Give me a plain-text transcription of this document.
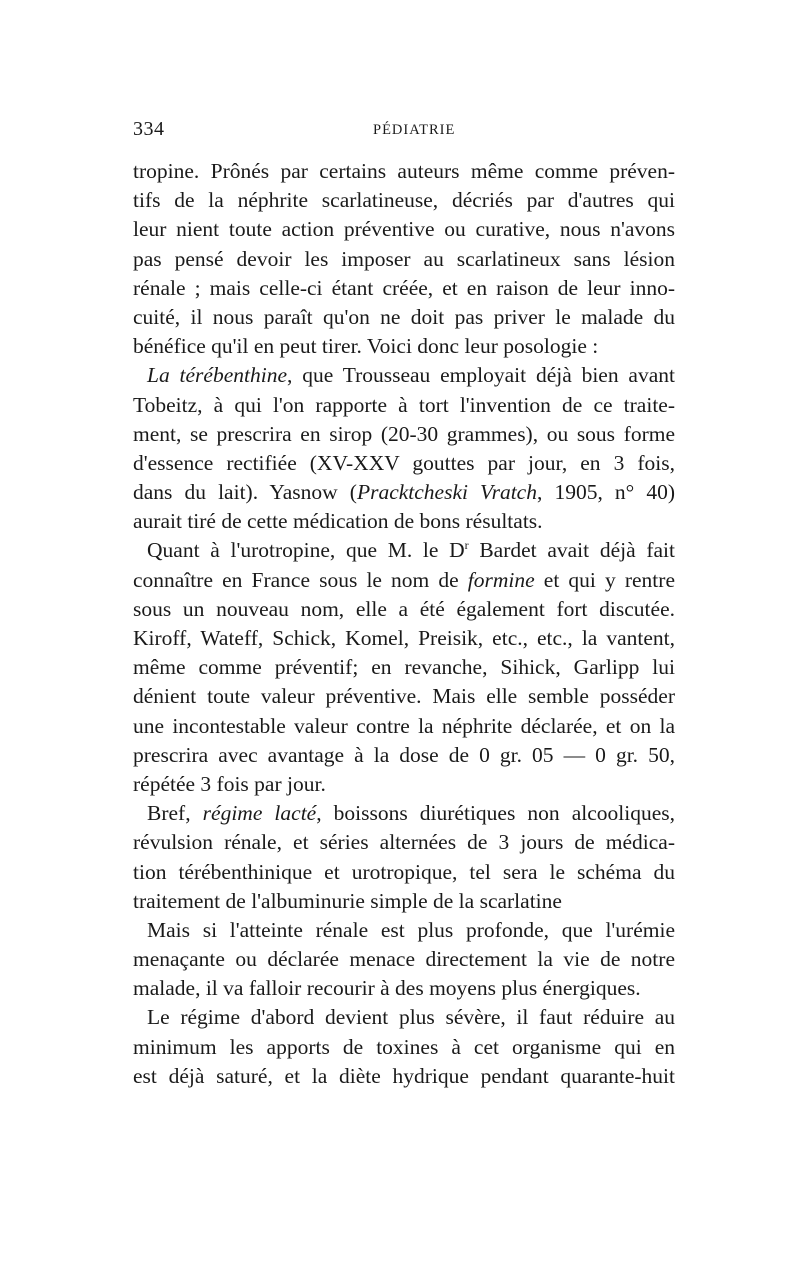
334	PÉDIATRIE
tropine. Prônés par certains auteurs même comme préven-
tifs de la néphrite scarlatineuse, décriés par d'autres qui
leur nient toute action préventive ou curative, nous n'avons
pas pensé devoir les imposer au scarlatineux sans lésion
rénale ; mais celle-ci étant créée, et en raison de leur inno-
cuité, il nous paraît qu'on ne doit pas priver le malade du
bénéfice qu'il en peut tirer. Voici donc leur posologie :
La térébenthine, que Trousseau employait déjà bien avant
Tobeitz, à qui l'on rapporte à tort l'invention de ce traite-
ment, se prescrira en sirop (20-30 grammes), ou sous forme
d'essence rectifiée (XV-XXV gouttes par jour, en 3 fois,
dans du lait). Yasnow (Pracktcheski Vratch, 1905, n° 40)
aurait tiré de cette médication de bons résultats.
Quant à l'urotropine, que M. le $D^r$ Bardet avait déjà fait
connaître en France sous le nom de formine et qui y rentre
sous un nouveau nom, elle a été également fort discutée.
Kiroff, Wateff, Schick, Komel, Preisik, etc., etc., la vantent,
même comme préventif; en revanche, Sihick, Garlipp lui
dénient toute valeur préventive. Mais elle semble posséder
une incontestable valeur contre la néphrite déclarée, et on la
prescrira avec avantage à la dose de 0 gr. 05 — 0 gr. 50,
répétée 3 fois par jour.
Bref, régime lacté, boissons diurétiques non alcooliques,
révulsion rénale, et séries alternées de 3 jours de médica-
tion térébenthinique et urotropique, tel sera le schéma du
traitement de l'albuminurie simple de la scarlatine
Mais si l'atteinte rénale est plus profonde, que l'urémie
menaçante ou déclarée menace directement la vie de notre
malade, il va falloir recourir à des moyens plus énergiques.
Le régime d'abord devient plus sévère, il faut réduire au
minimum les apports de toxines à cet organisme qui en
est déjà saturé, et la diète hydrique pendant quarante-huit
